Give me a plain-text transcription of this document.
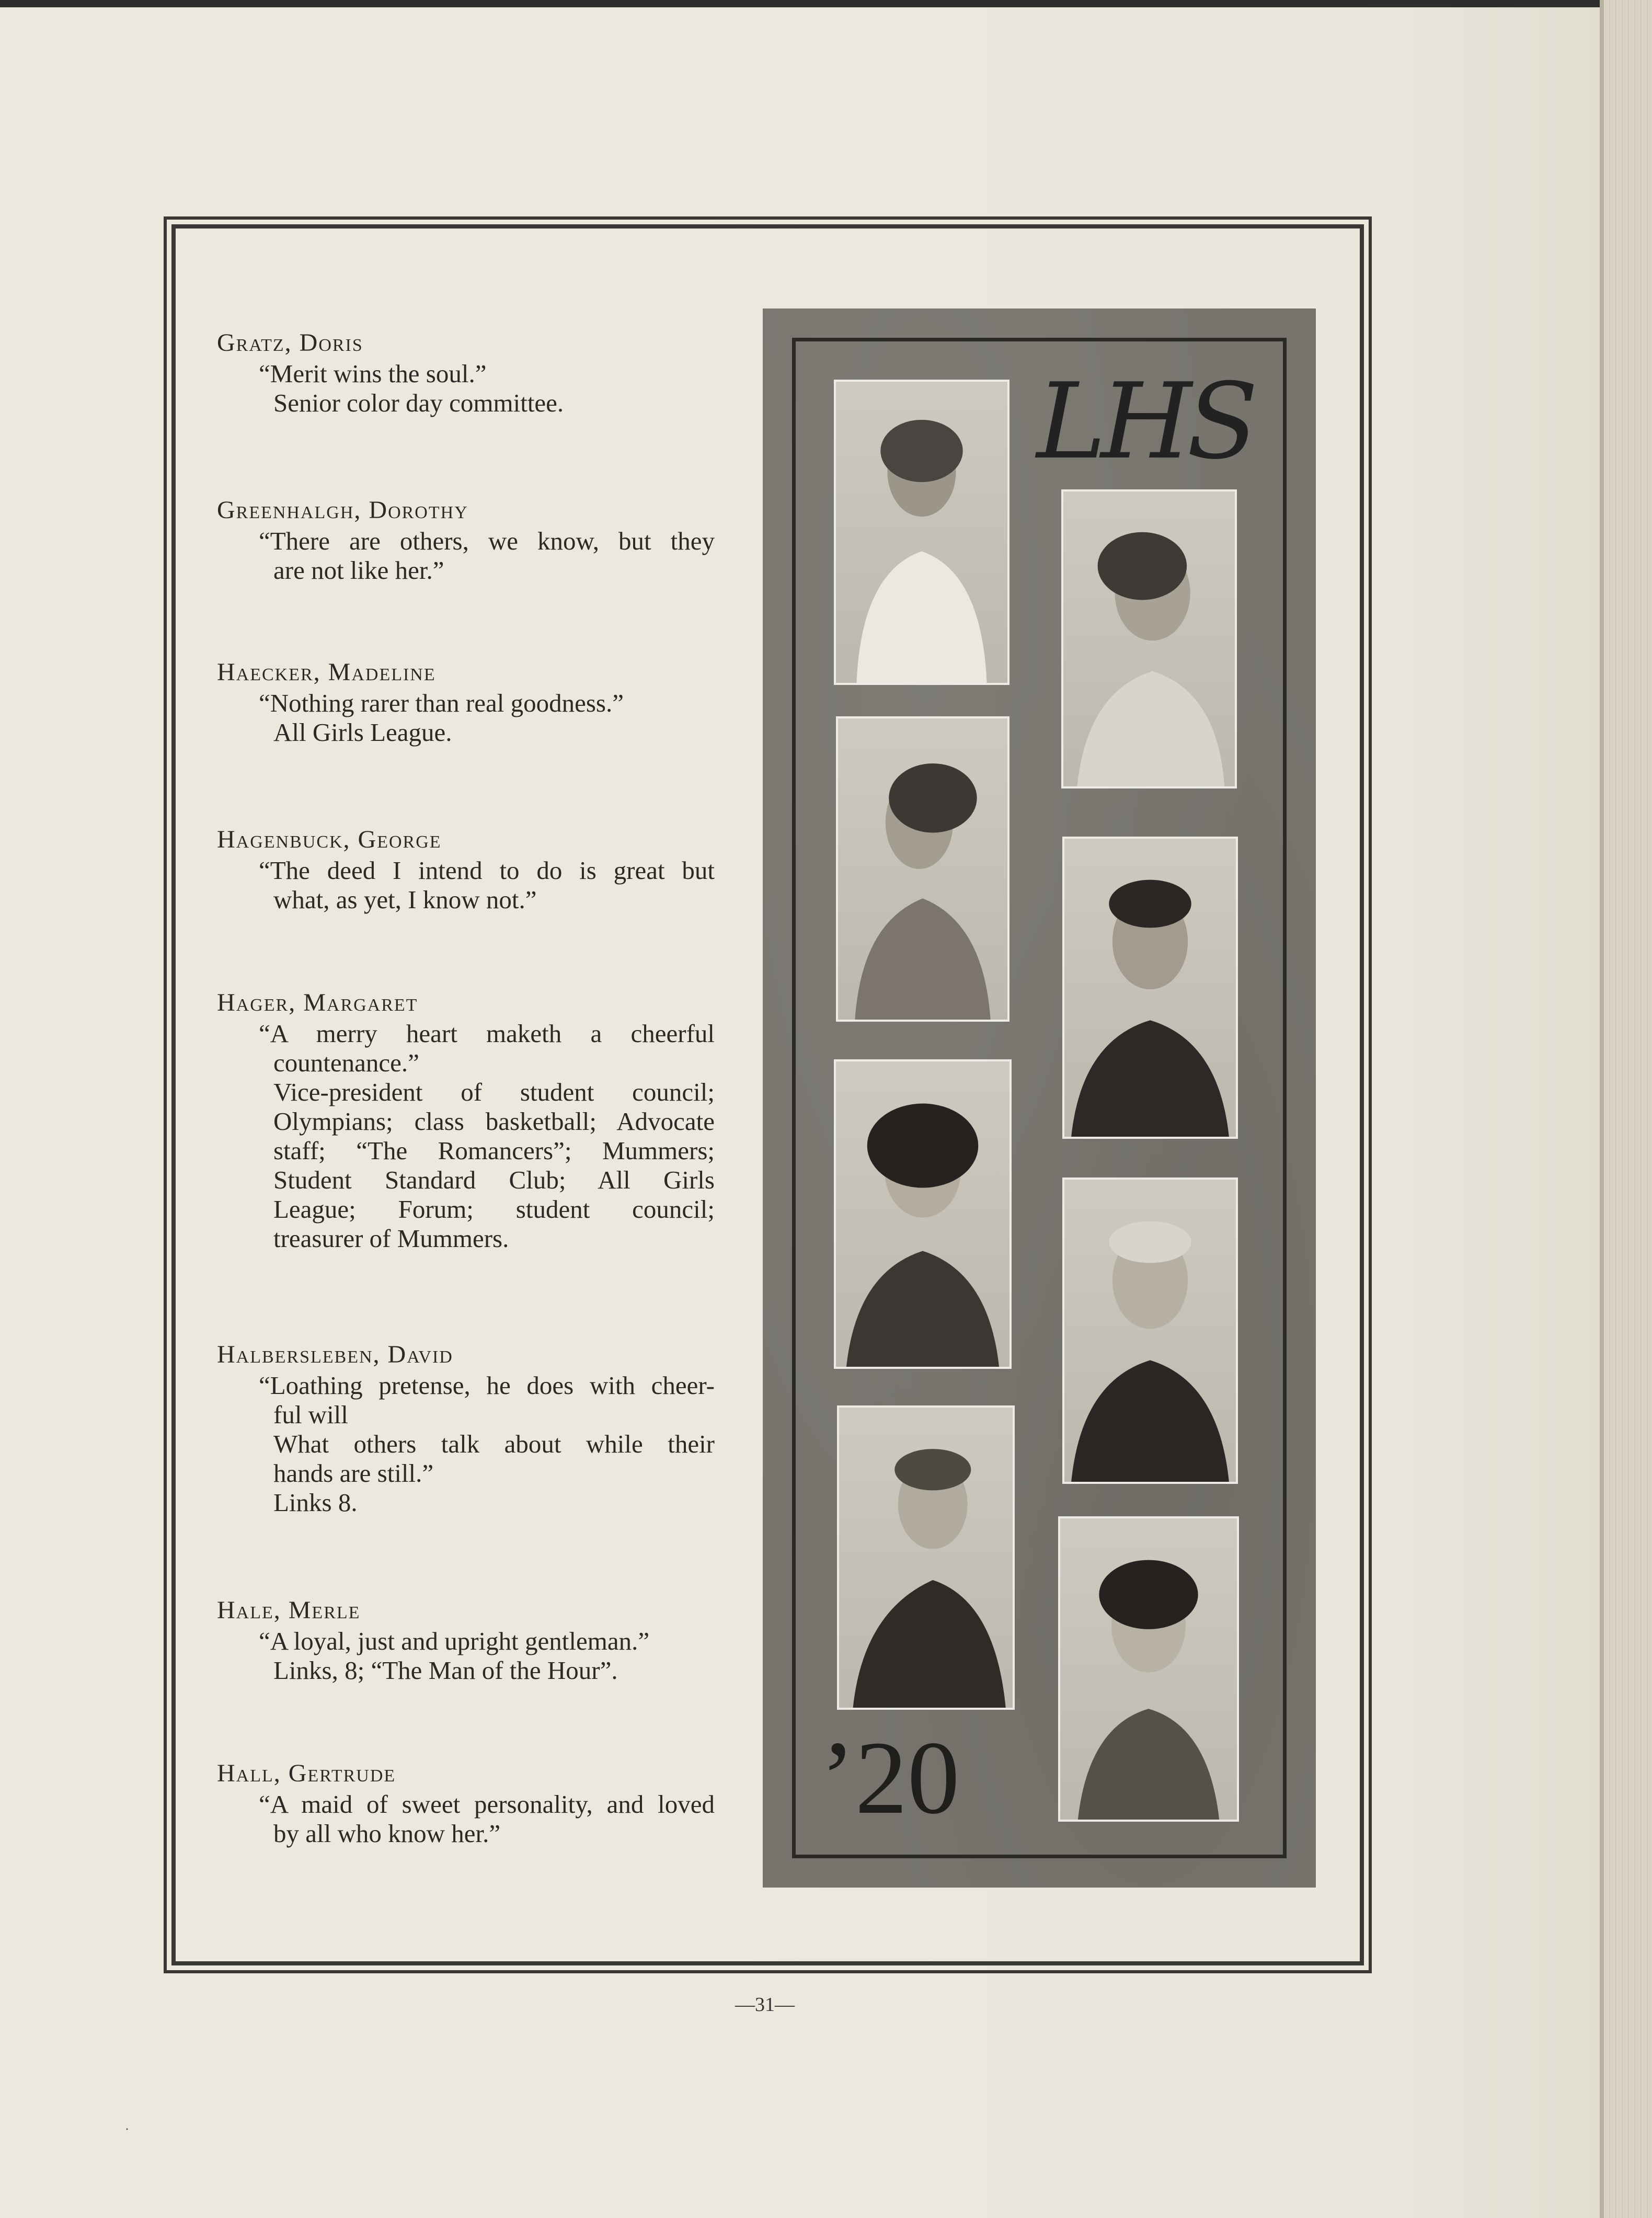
Gratz, Doris
“Merit wins the soul.”
Senior color day committee.
Greenhalgh, Dorothy
“There are others, we know, but they
are not like her.”
Haecker, Madeline
“Nothing rarer than real goodness.”
All Girls League.
Hagenbuck, George
“The deed I intend to do is great but
what, as yet, I know not.”
Hager, Margaret
“A merry heart maketh a cheerful
countenance.”
Vice-president of student council;
Olympians; class basketball; Advocate
staff; “The Romancers”; Mummers;
Student Standard Club; All Girls
League; Forum; student council;
treasurer of Mummers.
Halbersleben, David
“Loathing pretense, he does with cheer-
ful will
What others talk about while their
hands are still.”
Links 8.
Hale, Merle
“A loyal, just and upright gentleman.”
Links, 8; “The Man of the Hour”.
Hall, Gertrude
“A maid of sweet personality, and loved
by all who know her.”
LHS
’20
—31—
˙
